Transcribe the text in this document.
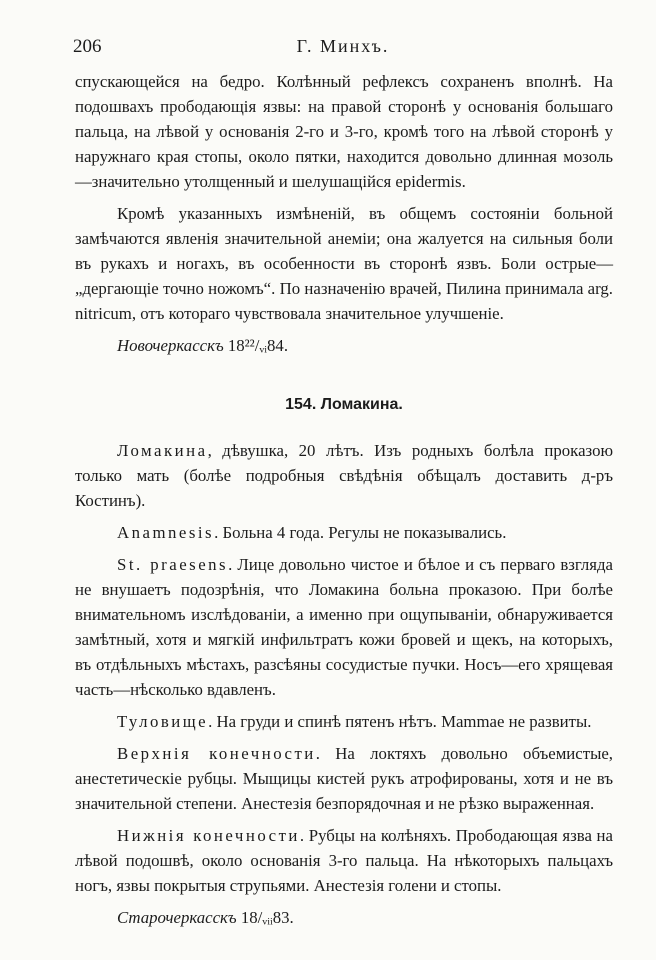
206	Г. Минхъ.

спускающейся на бедро. Колѣнный рефлексъ сохраненъ вполнѣ. На подошвахъ прободающія язвы: на правой сторонѣ у основанія большаго пальца, на лѣвой у основанія 2-го и 3-го, кромѣ того на лѣвой сторонѣ у наружнаго края стопы, около пятки, находится довольно длинная мозоль—значительно утолщенный и шелушащійся epidermis.

Кромѣ указанныхъ измѣненій, въ общемъ состояніи больной замѣчаются явленія значительной анеміи; она жалуется на сильныя боли въ рукахъ и ногахъ, въ особенности въ сторонѣ язвъ. Боли острые—„дергающіе точно ножомъ“. По назначенію врачей, Пилина принимала arg. nitricum, отъ котораго чувствовала значительное улучшеніе.

Новочеркасскъ 18²²/ᵥᵢ84.

154. Ломакина.

Ломакина, дѣвушка, 20 лѣтъ. Изъ родныхъ болѣла проказою только мать (болѣе подробныя свѣдѣнія обѣщалъ доставить д-ръ Костинъ).

Anamnesis. Больна 4 года. Регулы не показывались.

St. praesens. Лице довольно чистое и бѣлое и съ перваго взгляда не внушаетъ подозрѣнія, что Ломакина больна проказою. При болѣе внимательномъ изслѣдованіи, а именно при ощупываніи, обнаруживается замѣтный, хотя и мягкій инфильтратъ кожи бровей и щекъ, на которыхъ, въ отдѣльныхъ мѣстахъ, разсѣяны сосудистые пучки. Носъ—его хрящевая часть—нѣсколько вдавленъ.

Туловище. На груди и спинѣ пятенъ нѣтъ. Mammae не развиты.

Верхнія конечности. На локтяхъ довольно объемистые, анестетическіе рубцы. Мыщицы кистей рукъ атрофированы, хотя и не въ значительной степени. Анестезія безпорядочная и не рѣзко выраженная.

Нижнія конечности. Рубцы на колѣняхъ. Прободающая язва на лѣвой подошвѣ, около основанія 3-го пальца. На нѣкоторыхъ пальцахъ ногъ, язвы покрытыя струпьями. Анестезія голени и стопы.

Старочеркасскъ 18/ᵥᵢᵢ83.
